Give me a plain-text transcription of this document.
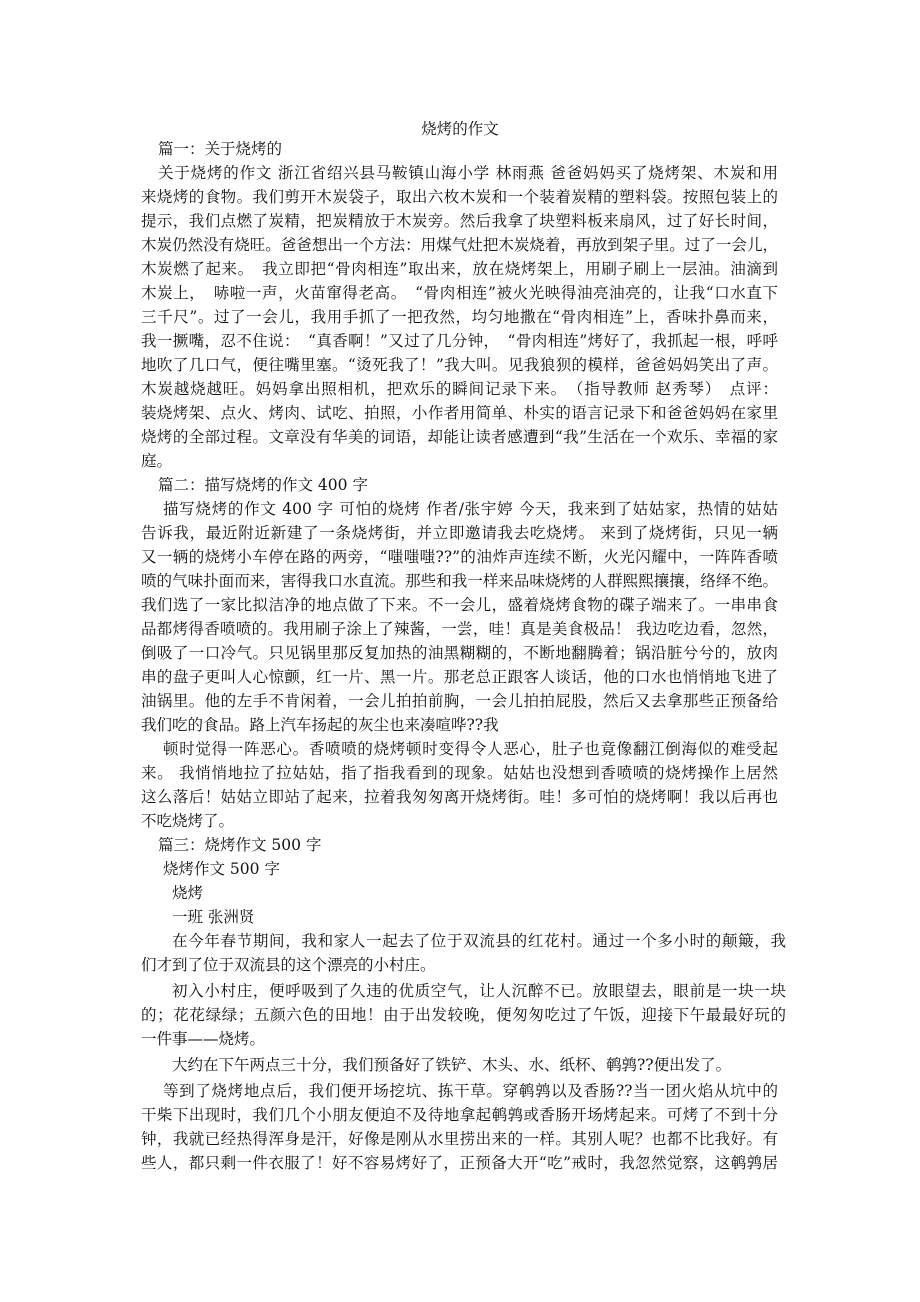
烧烤的作文
篇一：关于烧烤的
关于烧烤的作文 浙江省绍兴县马鞍镇山海小学 林雨燕 爸爸妈妈买了烧烤架、木炭和用
来烧烤的食物。我们剪开木炭袋子，取出六枚木炭和一个装着炭精的塑料袋。按照包装上的
提示，我们点燃了炭精，把炭精放于木炭旁。然后我拿了块塑料板来扇风，过了好长时间，
木炭仍然没有烧旺。爸爸想出一个方法：用煤气灶把木炭烧着，再放到架子里。过了一会儿，
木炭燃了起来。　我立即把“骨肉相连”取出来，放在烧烤架上，用刷子刷上一层油。油滴到
木炭上，　哧啦一声，火苗窜得老高。　“骨肉相连”被火光映得油亮油亮的，让我“口水直下
三千尺”。过了一会儿，我用手抓了一把孜然，均匀地撒在“骨肉相连”上，香味扑鼻而来，
我一撅嘴，忍不住说：　“真香啊！”又过了几分钟，　“骨肉相连”烤好了，我抓起一根，呼呼
地吹了几口气，便往嘴里塞。“烫死我了！”我大叫。见我狼狈的模样，爸爸妈妈笑出了声。
木炭越烧越旺。妈妈拿出照相机，把欢乐的瞬间记录下来。　（指导教师 赵秀琴）　点评：
装烧烤架、点火、烤肉、试吃、拍照，小作者用简单、朴实的语言记录下和爸爸妈妈在家里
烧烤的全部过程。文章没有华美的词语，却能让读者感遭到“我”生活在一个欢乐、幸福的家
庭。
篇二：描写烧烤的作文 400 字
描写烧烤的作文 400 字 可怕的烧烤 作者/张宇婷 今天，我来到了姑姑家，热情的姑姑
告诉我，最近附近新建了一条烧烤街，并立即邀请我去吃烧烤。 来到了烧烤街，只见一辆
又一辆的烧烤小车停在路的两旁，“嗤嗤嗤??”的油炸声连续不断，火光闪耀中，一阵阵香喷
喷的气味扑面而来，害得我口水直流。那些和我一样来品味烧烤的人群熙熙攘攘，络绎不绝。
我们选了一家比拟洁净的地点做了下来。不一会儿，盛着烧烤食物的碟子端来了。一串串食
品都烤得香喷喷的。我用刷子涂上了辣酱，一尝，哇！真是美食极品！ 我边吃边看，忽然，
倒吸了一口冷气。只见锅里那反复加热的油黑糊糊的，不断地翻腾着；锅沿脏兮兮的，放肉
串的盘子更叫人心惊颤，红一片、黑一片。那老总正跟客人谈话，他的口水也悄悄地飞进了
油锅里。他的左手不肯闲着，一会儿拍拍前胸，一会儿拍拍屁股，然后又去拿那些正预备给
我们吃的食品。路上汽车扬起的灰尘也来凑喧哗??我
顿时觉得一阵恶心。香喷喷的烧烤顿时变得令人恶心，肚子也竟像翻江倒海似的难受起
来。 我悄悄地拉了拉姑姑，指了指我看到的现象。姑姑也没想到香喷喷的烧烤操作上居然
这么落后！姑姑立即站了起来，拉着我匆匆离开烧烤街。哇！多可怕的烧烤啊！我以后再也
不吃烧烤了。
篇三：烧烤作文 500 字
烧烤作文 500 字
烧烤
一班 张洲贤
在今年春节期间，我和家人一起去了位于双流县的红花村。通过一个多小时的颠簸，我
们才到了位于双流县的这个漂亮的小村庄。
初入小村庄，便呼吸到了久违的优质空气，让人沉醉不已。放眼望去，眼前是一块一块
的；花花绿绿；五颜六色的田地！由于出发较晚，便匆匆吃过了午饭，迎接下午最最好玩的
一件事——烧烤。
大约在下午两点三十分，我们预备好了铁铲、木头、水、纸杯、鹌鹑??便出发了。
等到了烧烤地点后，我们便开场挖坑、拣干草。穿鹌鹑以及香肠??当一团火焰从坑中的
干柴下出现时，我们几个小朋友便迫不及待地拿起鹌鹑或香肠开场烤起来。可烤了不到十分
钟，我就已经热得浑身是汗，好像是刚从水里捞出来的一样。其别人呢？也都不比我好。有
些人，都只剩一件衣服了！好不容易烤好了，正预备大开“吃”戒时，我忽然觉察，这鹌鹑居
